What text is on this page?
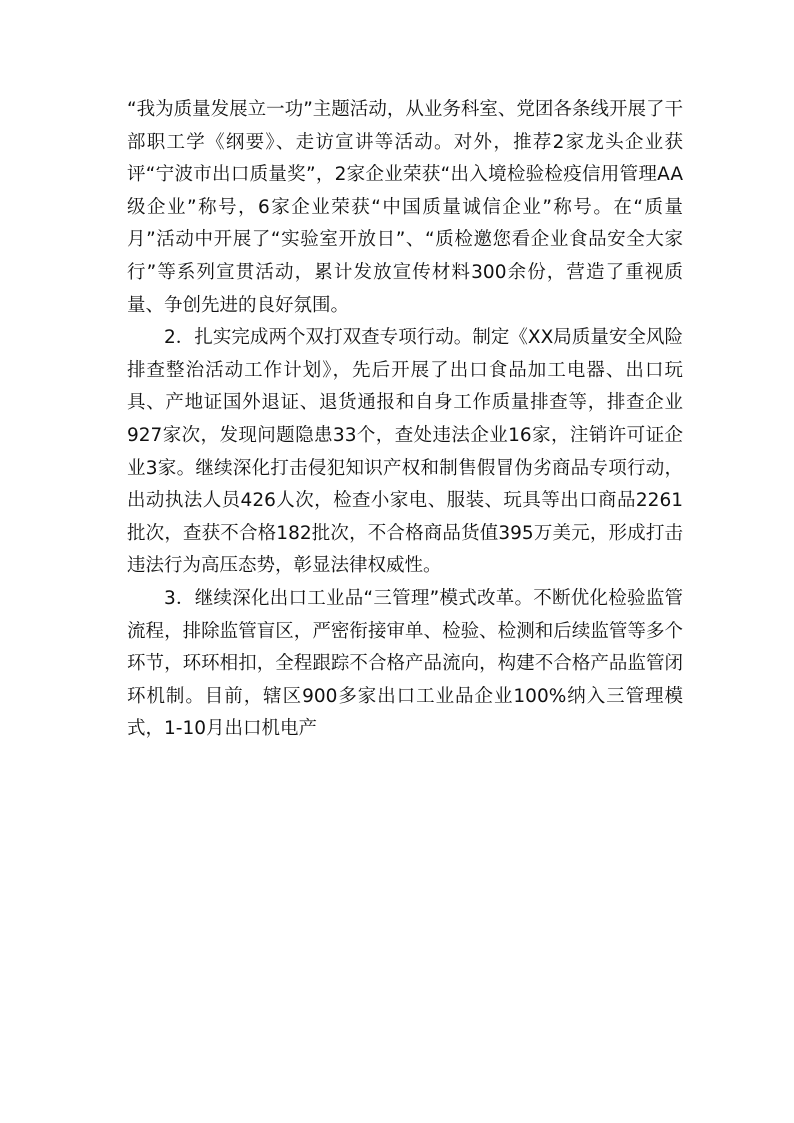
“我为质量发展立一功”主题活动，从业务科室、党团各条线开展了干部职工学《纲要》、走访宣讲等活动。对外，推荐2家龙头企业获评“宁波市出口质量奖”，2家企业荣获“出入境检验检疫信用管理AA级企业”称号，6家企业荣获“中国质量诚信企业”称号。在“质量月”活动中开展了“实验室开放日”、“质检邀您看企业食品安全大家行”等系列宣贯活动，累计发放宣传材料300余份，营造了重视质量、争创先进的良好氛围。

2．扎实完成两个双打双查专项行动。制定《XX局质量安全风险排查整治活动工作计划》，先后开展了出口食品加工电器、出口玩具、产地证国外退证、退货通报和自身工作质量排查等，排查企业927家次，发现问题隐患33个，查处违法企业16家，注销许可证企业3家。继续深化打击侵犯知识产权和制售假冒伪劣商品专项行动，出动执法人员426人次，检查小家电、服装、玩具等出口商品2261批次，查获不合格182批次，不合格商品货值395万美元，形成打击违法行为高压态势，彰显法律权威性。

3．继续深化出口工业品“三管理”模式改革。不断优化检验监管流程，排除监管盲区，严密衔接审单、检验、检测和后续监管等多个环节，环环相扣，全程跟踪不合格产品流向，构建不合格产品监管闭环机制。目前，辖区900多家出口工业品企业100%纳入三管理模式，1-10月出口机电产
